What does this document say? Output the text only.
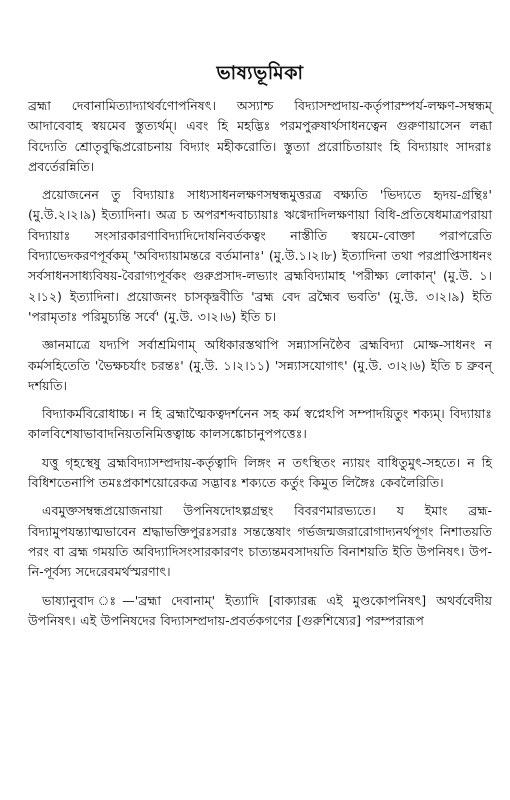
ভাষ্যভূমিকা

ব্রহ্মা দেবানামিত্যাদ্যাথর্বণোপনিষৎ। অস্যাশ্চ বিদ্যাসম্প্রদায়-কর্তৃপারম্পর্য-লক্ষণ-সম্বন্ধম্ আদাবেবাহ স্বয়মেব স্তুত্যর্থম্। এবং হি মহদ্ভিঃ পরমপুরুষার্থসাধনত্বেন গুরুণায়াসেন লব্ধা বিদ্যেতি শ্রোতৃবুদ্ধিপ্ররোচনায় বিদ্যাং মহীকরোতি। স্তুত্যা প্ররোচিতায়াং হি বিদ্যায়াং সাদরাঃ প্রবর্তেরন্নিতি।

প্রয়োজনেন তু বিদ্যায়াঃ সাধ্যসাধনলক্ষণসম্বন্ধমুত্তরত্র বক্ষ্যতি 'ভিদ্যতে হৃদয়-গ্রন্থিঃ' (মু.উ.২।২।৯) ইত্যাদিনা। অত্র চ অপরশব্দবাচ্যায়াঃ ঋগ্বেদাদিলক্ষণায়া বিধি-প্রতিষেধমাত্রপরায়া বিদ্যায়াঃ সংসারকারণাবিদ্যাদিদোষনিবর্তকত্বং নাস্তীতি স্বয়মে-বোক্তা পরাপরেতি বিদ্যাভেদকরণপূর্বকম্ 'অবিদ্যায়ামন্তরে বর্তমানাঃ' (মু.উ.১।২।৮) ইত্যাদিনা তথা পরপ্রাপ্তিসাধনং সর্বসাধনসাধ্যবিষয়-বৈরাগ্যপূর্বকং গুরুপ্রসাদ-লভ্যাং ব্রহ্মবিদ্যামাহ 'পরীক্ষ্য লোকান্' (মু.উ. ১।২।১২) ইত্যাদিনা। প্রয়োজনং চাসকৃদ্ব্রবীতি 'ব্রহ্ম বেদ ব্রহ্মৈব ভবতি' (মু.উ. ৩।২।৯) ইতি 'পরামৃতাঃ পরিমুচ্যন্তি সর্বে' (মু.উ. ৩।২।৬) ইতি চ।

জ্ঞানমাত্রে যদ্যপি সর্বাশ্রমিণাম্ অধিকারস্তথাপি সন্ন্যাসনিষ্ঠৈব ব্রহ্মবিদ্যা মোক্ষ-সাধনং ন কর্মসহিতেতি 'ভৈক্ষচর্যাং চরন্তঃ' (মু.উ. ১।২।১১) 'সন্ন্যাসযোগাৎ' (মু.উ. ৩।২।৬) ইতি চ ব্রুবন্ দর্শয়তি।

বিদ্যাকর্মবিরোধাচ্চ। ন হি ব্রহ্মাত্মৈকত্বদর্শনেন সহ কর্ম স্বপ্নেঽপি সম্পাদয়িতুং শক্যম্। বিদ্যায়াঃ কালবিশেষাভাবাদনিয়তনিমিত্তত্বাচ্চ কালসঙ্কোচানুপপত্তেঃ।

যত্তু গৃহস্থেষু ব্রহ্মবিদ্যাসম্প্রদায়-কর্তৃত্বাদি লিঙ্গং ন তৎস্থিতং ন্যায়ং বাধিতুমুৎ-সহতে। ন হি বিধিশতেনাপি তমঃপ্রকাশয়োরেকত্র সদ্ভাবঃ শক্যতে কর্তুং কিমুত লিঙ্গৈঃ কেবলৈরিতি।

এবমুক্তসম্বন্ধপ্রয়োজনায়া উপনিষদোঽল্পগ্রন্থং বিবরণমারভ্যতে। য ইমাং ব্রহ্ম-বিদ্যামুপযন্ত্যাত্মভাবেন শ্রদ্ধাভক্তিপুরঃসরাঃ সন্তস্তেষাং গর্ভজন্মজরারোগাদ্যনর্থপূগং নিশাতয়তি পরং বা ব্রহ্ম গময়তি অবিদ্যাদিসংসারকারণং চাত্যন্তমবসাদয়তি বিনাশয়তি ইতি উপনিষৎ। উপ-নি-পূর্বস্য সদেরেবমর্থস্মরণাৎ।

ভাষ্যানুবাদ ঃ—'ব্রহ্মা দেবানাম্' ইত্যাদি [বাক্যারব্ধ এই মুণ্ডকোপনিষৎ] অথর্ববেদীয় উপনিষৎ। এই উপনিষদের বিদ্যাসম্প্রদায়-প্রবর্তকগণের [গুরুশিষ্যের] পরম্পরারূপ
